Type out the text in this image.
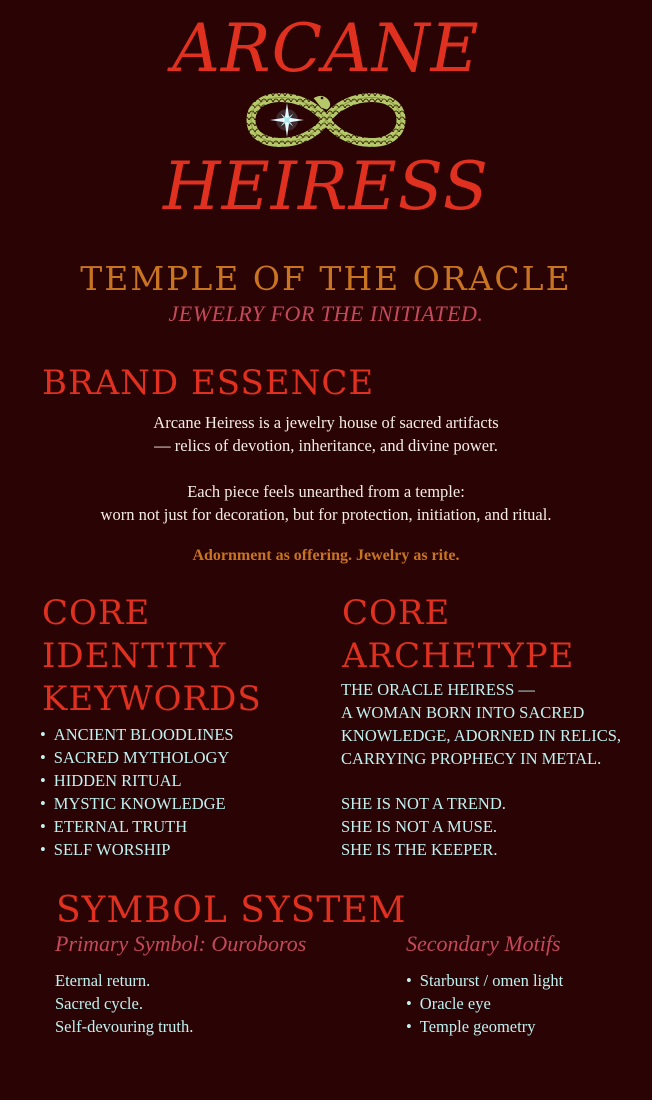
ARCANE
HEIRESS
TEMPLE OF THE ORACLE
JEWELRY FOR THE INITIATED.
BRAND ESSENCE
Arcane Heiress is a jewelry house of sacred artifacts
— relics of devotion, inheritance, and divine power.
Each piece feels unearthed from a temple:
worn not just for decoration, but for protection, initiation, and ritual.
Adornment as offering. Jewelry as rite.
CORE
IDENTITY
KEYWORDS
• ANCIENT BLOODLINES
• SACRED MYTHOLOGY
• HIDDEN RITUAL
• MYSTIC KNOWLEDGE
• ETERNAL TRUTH
• SELF WORSHIP
CORE
ARCHETYPE
THE ORACLE HEIRESS —
A WOMAN BORN INTO SACRED
KNOWLEDGE, ADORNED IN RELICS,
CARRYING PROPHECY IN METAL.
SHE IS NOT A TREND.
SHE IS NOT A MUSE.
SHE IS THE KEEPER.
SYMBOL SYSTEM
Primary Symbol: Ouroboros
Eternal return.
Sacred cycle.
Self-devouring truth.
Secondary Motifs
• Starburst / omen light
• Oracle eye
• Temple geometry
